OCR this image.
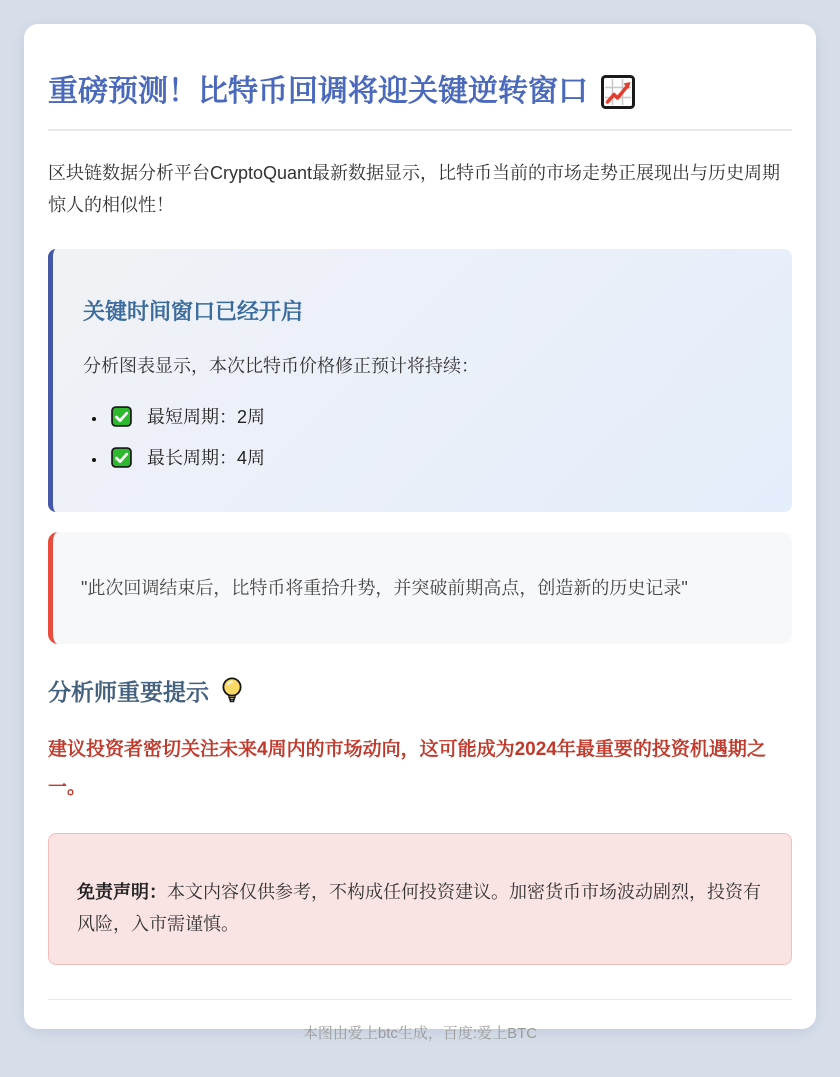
重磅预测！比特币回调将迎关键逆转窗口

区块链数据分析平台CryptoQuant最新数据显示，比特币当前的市场走势正展现出与历史周期惊人的相似性！

关键时间窗口已经开启

分析图表显示，本次比特币价格修正预计将持续：

• 最短周期：2周
• 最长周期：4周

"此次回调结束后，比特币将重拾升势，并突破前期高点，创造新的历史记录"

分析师重要提示

建议投资者密切关注未来4周内的市场动向，这可能成为2024年最重要的投资机遇期之一。

免责声明：本文内容仅供参考，不构成任何投资建议。加密货币市场波动剧烈，投资有风险，入市需谨慎。

本图由爱上btc生成，百度:爱上BTC
